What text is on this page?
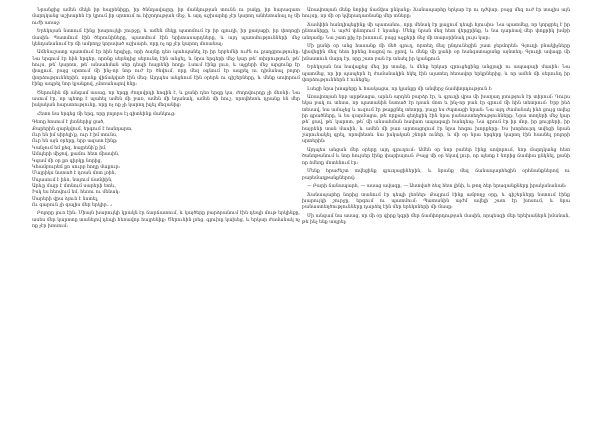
Նրանցից ամեն մեկն իր հայրենիքը, իր ծննդավայրը, իր մանկության տունն ու բակը, իր հարազատ մարդկանց աշխարհն էր կրում իր սրտում ու հիշողության մեջ, և այդ աշխարհը չէր կարող անհետանալ ոչ մի ուժի առաջ։

Երեկոյան նստում էինք խարույկի շուրջը, և ամեն մեկը պատմում էր իր գյուղի, իր քաղաքի, իր փողոցի մասին։ Պատմում էին ծերունիները, պատմում էին երիտասարդները, և այդ պատմությունների մեջ կենդանանում էր մի ամբողջ կորսված աշխարհ, որը ոչ ոք չէր կարող մոռանալ։

Ամենաշատը պատմում էր հին երգիչը, որի ձայնը դեռ պահպանել էր իր երբեմնի ուժն ու քաղցրությունը։ Նա երգում էր հին երգեր, որոնք սերնդից սերունդ էին անցել, և նրա երգերի մեջ կար թե՛ տխրություն, թե՛ հույս, թե՛ կարոտ, թե՛ անսահման սեր դեպի հայրենի հողը։ Լսում էինք լուռ, և աչքերի մեջ արցունք էր փայլում, բայց սրտում մի ինչ-որ նոր ուժ էր ծնվում, որը մեզ օգնում էր ապրել ու դիմանալ բոլոր փորձություններին, որոնք վիճակված էին մեզ։ Այդպես անցնում էին օրերն ու գիշերները, և մենք սովորում էինք ապրել նոր կյանքով, չմոռանալով հնը։

Ծերունին մի անգամ ասաց, որ երգը ժողովրդի հոգին է, և քանի դեռ երգը կա, ժողովուրդը չի մեռնի։ Նա ասում էր, որ պետք է պահել ամեն մի բառ, ամեն մի եղանակ, ամեն մի հուշ, որովհետև դրանք են մեր իսկական հարստությունը, որը ոչ ոք չի կարող խլել մեզանից։

Հետո նա երգեց մի երգ, որը բոլորս էլ գիտեինք մանկուց։

Գետը հոսում է լեռներից ցած,

Քարերին զարկվում, երգում է հանդարտ,

Ուր են իմ սիրելի՛ք, ուր է իմ տունս,

Ուր են այն օրերը, երբ ազատ էինք։

Կանչում եմ քեզ, հայրենի՛ք իմ,

Ամպերի միջով, քամու հետ միասին,

Կգամ մի օր քո գիրկը նորից,

Կհամբուրեմ քո սուրբ հողը մաքուր։

Մայրիկս նստած է դռան մոտ լռին,

Սպասում է ինձ, նայում ճամփին,

Արևը մայր է մտնում սարերի ետև,

Իսկ ես հեռվում եմ, հեռու ու մենակ։

Սարերի վրա ձյուն է նստել,

Ու գարուն չի գալիս մեր երկիր...։

Բոլորը լուռ էին։ Միայն խարույկի կրակն էր ճարճատում, և կայծերը բարձրանում էին դեպի մութ երկինքը, ասես մեր կարոտը տանելով դեպի հեռավոր հայրենիք։ Ծերունին լռեց, գլուխը կախեց, և երկար ժամանակ ոչ ոք չէր խոսում։

Առավոտյան մենք նորից ճամփա ընկանք։ Ճանապարհը երկար էր ու դժվար, բայց մեզ ուժ էր տալիս այն հույսը, որ մի օր կվերադառնանք մեր տները։

Ճամփին հանդիպեցինք մի պատանու, որը մենակ էր քայլում դեպի հյուսիս։ Նա պատմեց, որ կորցրել է իր ընտանիքը, և այժմ փնտրում է նրանց։ Մենք նրան մեզ հետ վերցրինք, և նա դարձավ մեր փոքրիկ խմբի անդամը։ Նա շատ քիչ էր խոսում, բայց աչքերի մեջ մի տարօրինակ լույս կար։

Մի քանի օր անց հասանք մի մեծ գյուղ, որտեղ մեզ ընդունեցին շատ ջերմորեն։ Գյուղի բնակիչները կիսվեցին մեզ հետ իրենց հացով ու ջրով, և մենք մի քանի օր հանգստացանք այնտեղ։ Գյուղի ավագը մի իմաստուն մարդ էր, որը շատ բան էր տեսել իր կյանքում։

Երեկոյան նա հավաքեց մեզ իր տանը, և մենք երկար զրուցեցինք անցյալի ու ապագայի մասին։ Նա պատմեց, որ իր պապերն էլ ժամանակին եկել էին այստեղ հեռավոր երկրներից, և որ ամեն մի սերունդ իր փորձություններն է ունեցել։

Լսեցի նրա խոսքերը և հասկացա, որ կյանքը մի անվերջ ճամփորդություն է։

Առավոտյան երբ արթնացա, արևն արդեն բարձր էր, և գյուղի վրա մի խաղաղ լռություն էր տիրում։ Դուրս եկա բակ ու տեսա, որ պատանին նստած էր դռան մոտ և ինչ-որ բան էր գրում մի հին տետրում։ Երբ ինձ տեսավ, նա ամաչեց և ուզում էր թաքցնել տետրը, բայց ես ժպտացի նրան։ Նա այդ ժամանակ ինձ ցույց տվեց իր գրածները, և ես զարմացա, թե որքան գեղեցիկ էին նրա բանաստեղծությունները։ Նրա տողերի մեջ կար թե՛ ցավ, թե՛ կարոտ, թե՛ մի անսահման հավատ ապագայի հանդեպ։ Նա գրում էր իր մոր, իր քույրերի, իր հայրենի տան մասին, և ամեն մի բառ արտացոլում էր նրա հոգու խորքերը։ Ես խորհուրդ տվեցի նրան շարունակել գրել, որովհետև նա իսկական շնորհ ուներ, և մի օր նրա երգերը կարող էին հասնել բոլորի սրտերին։

Այդպես անցան մեր օրերը այդ գյուղում։ Ամեն օր նոր բաներ էինք սովորում, նոր մարդկանց հետ ծանոթանում և նոր հույսեր էինք փայփայում։ Բայց մի օր եկավ լուր, որ պետք է նորից ճամփա ընկնել, քանի որ ձմեռը մոտենում էր։

Մենք հրաժեշտ տվեցինք գյուղացիներին, և նրանք մեզ ճանապարհեցին օրհնանքներով ու բարեմաղթանքներով։

— Բարի ճանապարհ, — ասաց ավագը, — Աստված ձեզ հետ լինի, և թող ձեր երազանքները իրականանան։

Ճանապարհը նորից տանում էր դեպի լեռներ։ Քայլում էինք ամբողջ օրը, և գիշերները նստում էինք խարույկի շուրջը, երգում ու պատմում։ Պատանին այժմ ավելի շատ էր խոսում, և նրա բանաստեղծությունները դարձել էին մեր երեկոների մի մասը։

Մի անգամ նա ասաց, որ մի օր գիրք կգրի մեր ճամփորդության մասին, որպեսզի մեր երեխաներն իմանան, թե ինչ ենք ապրել։
